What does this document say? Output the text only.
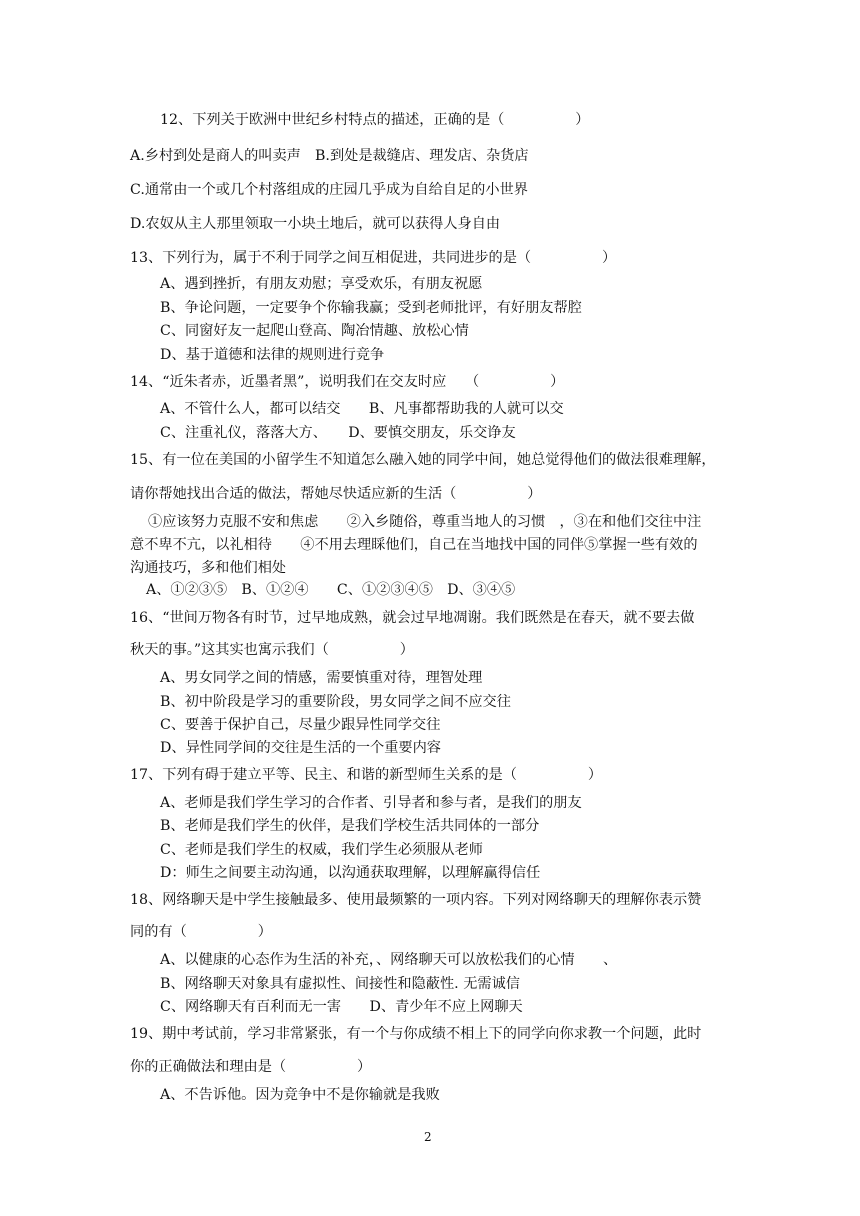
12、下列关于欧洲中世纪乡村特点的描述，正确的是（　　　　　）
A.乡村到处是商人的叫卖声　B.到处是裁缝店、理发店、杂货店
C.通常由一个或几个村落组成的庄园几乎成为自给自足的小世界
D.农奴从主人那里领取一小块土地后，就可以获得人身自由
13、下列行为，属于不利于同学之间互相促进，共同进步的是（　　　　　）
A、遇到挫折，有朋友劝慰；享受欢乐，有朋友祝愿
B、争论问题，一定要争个你输我赢；受到老师批评，有好朋友帮腔
C、同窗好友一起爬山登高、陶冶情趣、放松心情
D、基于道德和法律的规则进行竞争
14、“近朱者赤，近墨者黑”，说明我们在交友时应　 （　　　　　）
A、不管什么人，都可以结交　　B、凡事都帮助我的人就可以交
C、注重礼仪，落落大方、　　D、要慎交朋友，乐交诤友
15、有一位在美国的小留学生不知道怎么融入她的同学中间，她总觉得他们的做法很难理解，
请你帮她找出合适的做法，帮她尽快适应新的生活（　　　　　）
①应该努力克服不安和焦虑　　②入乡随俗，尊重当地人的习惯　，③在和他们交往中注
意不卑不亢，以礼相待　　④不用去理睬他们，自己在当地找中国的同伴⑤掌握一些有效的
沟通技巧，多和他们相处
A、①②③⑤　B、①②④　　C、①②③④⑤　D、③④⑤
16、“世间万物各有时节，过早地成熟，就会过早地凋谢。我们既然是在春天，就不要去做
秋天的事。”这其实也寓示我们（　　　　　）
A、男女同学之间的情感，需要慎重对待，理智处理
B、初中阶段是学习的重要阶段，男女同学之间不应交往
C、要善于保护自己，尽量少跟异性同学交往
D、异性同学间的交往是生活的一个重要内容
17、下列有碍于建立平等、民主、和谐的新型师生关系的是（　　　　　）
A、老师是我们学生学习的合作者、引导者和参与者，是我们的朋友
B、老师是我们学生的伙伴，是我们学校生活共同体的一部分
C、老师是我们学生的权威，我们学生必须服从老师
D：师生之间要主动沟通，以沟通获取理解，以理解赢得信任
18、网络聊天是中学生接触最多、使用最频繁的一项内容。下列对网络聊天的理解你表示赞
同的有（　　　　　）
A、以健康的心态作为生活的补充，、网络聊天可以放松我们的心情　　、
B、网络聊天对象具有虚拟性、间接性和隐蔽性. 无需诚信
C、网络聊天有百利而无一害　　D、青少年不应上网聊天
19、期中考试前，学习非常紧张，有一个与你成绩不相上下的同学向你求教一个问题，此时
你的正确做法和理由是（　　　　　）
A、不告诉他。因为竞争中不是你输就是我败
2
